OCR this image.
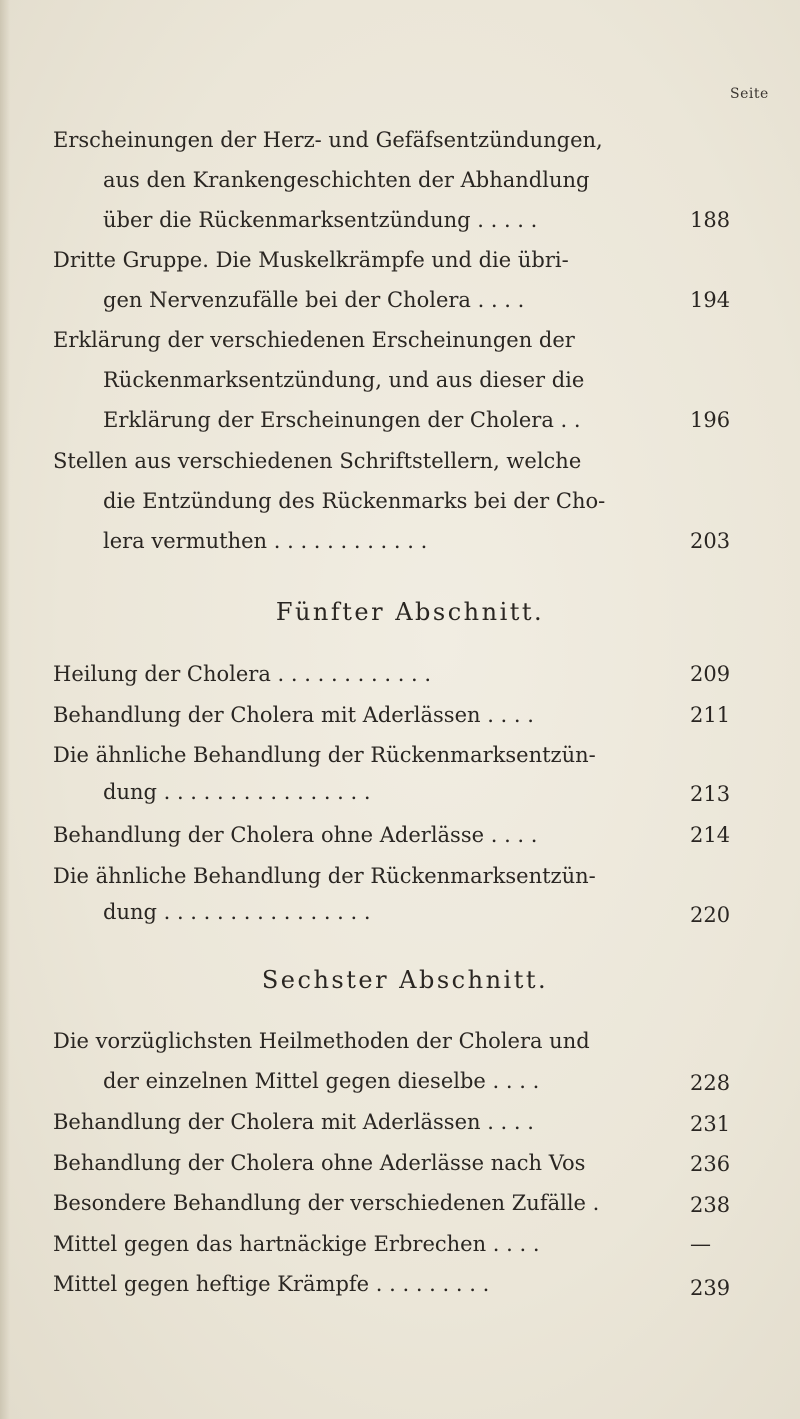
Seite
Erscheinungen der Herz- und Gefäfsentzündungen,
aus den Krankengeschichten der Abhandlung
über die Rückenmarksentzündung . . . . .	188
Dritte Gruppe. Die Muskelkrämpfe und die übri-
gen Nervenzufälle bei der Cholera . . . .	194
Erklärung der verschiedenen Erscheinungen der
Rückenmarksentzündung, und aus dieser die
Erklärung der Erscheinungen der Cholera . .	196
Stellen aus verschiedenen Schriftstellern, welche
die Entzündung des Rückenmarks bei der Cho-
lera vermuthen . . . . . . . . . . . .	203
Fünfter Abschnitt.
Heilung der Cholera . . . . . . . . . . . .	209
Behandlung der Cholera mit Aderlässen . . . .	211
Die ähnliche Behandlung der Rückenmarksentzün-
dung . . . . . . . . . . . . . . . .	213
Behandlung der Cholera ohne Aderlässe . . . .	214
Die ähnliche Behandlung der Rückenmarksentzün-
dung . . . . . . . . . . . . . . . .	220
Sechster Abschnitt.
Die vorzüglichsten Heilmethoden der Cholera und
der einzelnen Mittel gegen dieselbe . . . .	228
Behandlung der Cholera mit Aderlässen . . . .	231
Behandlung der Cholera ohne Aderlässe nach Vos	236
Besondere Behandlung der verschiedenen Zufälle .	238
Mittel gegen das hartnäckige Erbrechen . . . .	—
Mittel gegen heftige Krämpfe . . . . . . . . .	239
